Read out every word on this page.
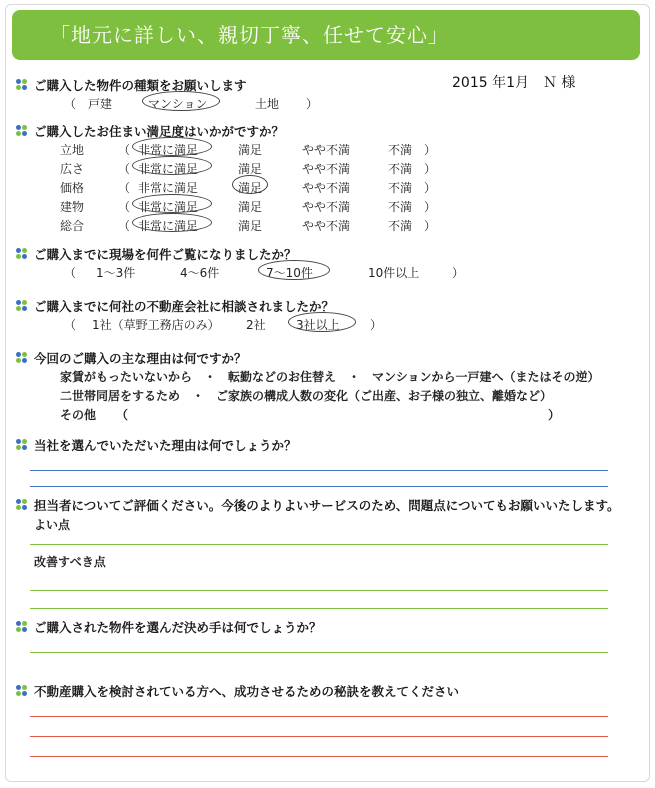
「地元に詳しい、親切丁寧、任せて安心」
2015 年1月　Ｎ 様
ご購入した物件の種類をお願いします
（ 戸建	マンション	土地 ）
ご購入したお住まい満足度はいかがですか？
立地	（ 非常に満足	満足	やや不満	不満 ）
広さ	（ 非常に満足	満足	やや不満	不満 ）
価格	（ 非常に満足	満足	やや不満	不満 ）
建物	（ 非常に満足	満足	やや不満	不満 ）
総合	（ 非常に満足	満足	やや不満	不満 ）
ご購入までに現場を何件ご覧になりましたか？
（ 1～3件	4～6件	7～10件	10件以上	）
ご購入までに何社の不動産会社に相談されましたか？
（ 1社（草野工務店のみ） 2社	3社以上	）
今回のご購入の主な理由は何ですか？
家賃がもったいないから　・　転勤などのお住替え　・　マンションから一戸建へ（またはその逆）
二世帯同居をするため　・　ご家族の構成人数の変化（ご出産、お子様の独立、離婚など）
その他 （	）
当社を選んでいただいた理由は何でしょうか？
担当者についてご評価ください。今後のよりよいサービスのため、問題点についてもお願いいたします。
よい点
改善すべき点
ご購入された物件を選んだ決め手は何でしょうか？
不動産購入を検討されている方へ、成功させるための秘訣を教えてください
